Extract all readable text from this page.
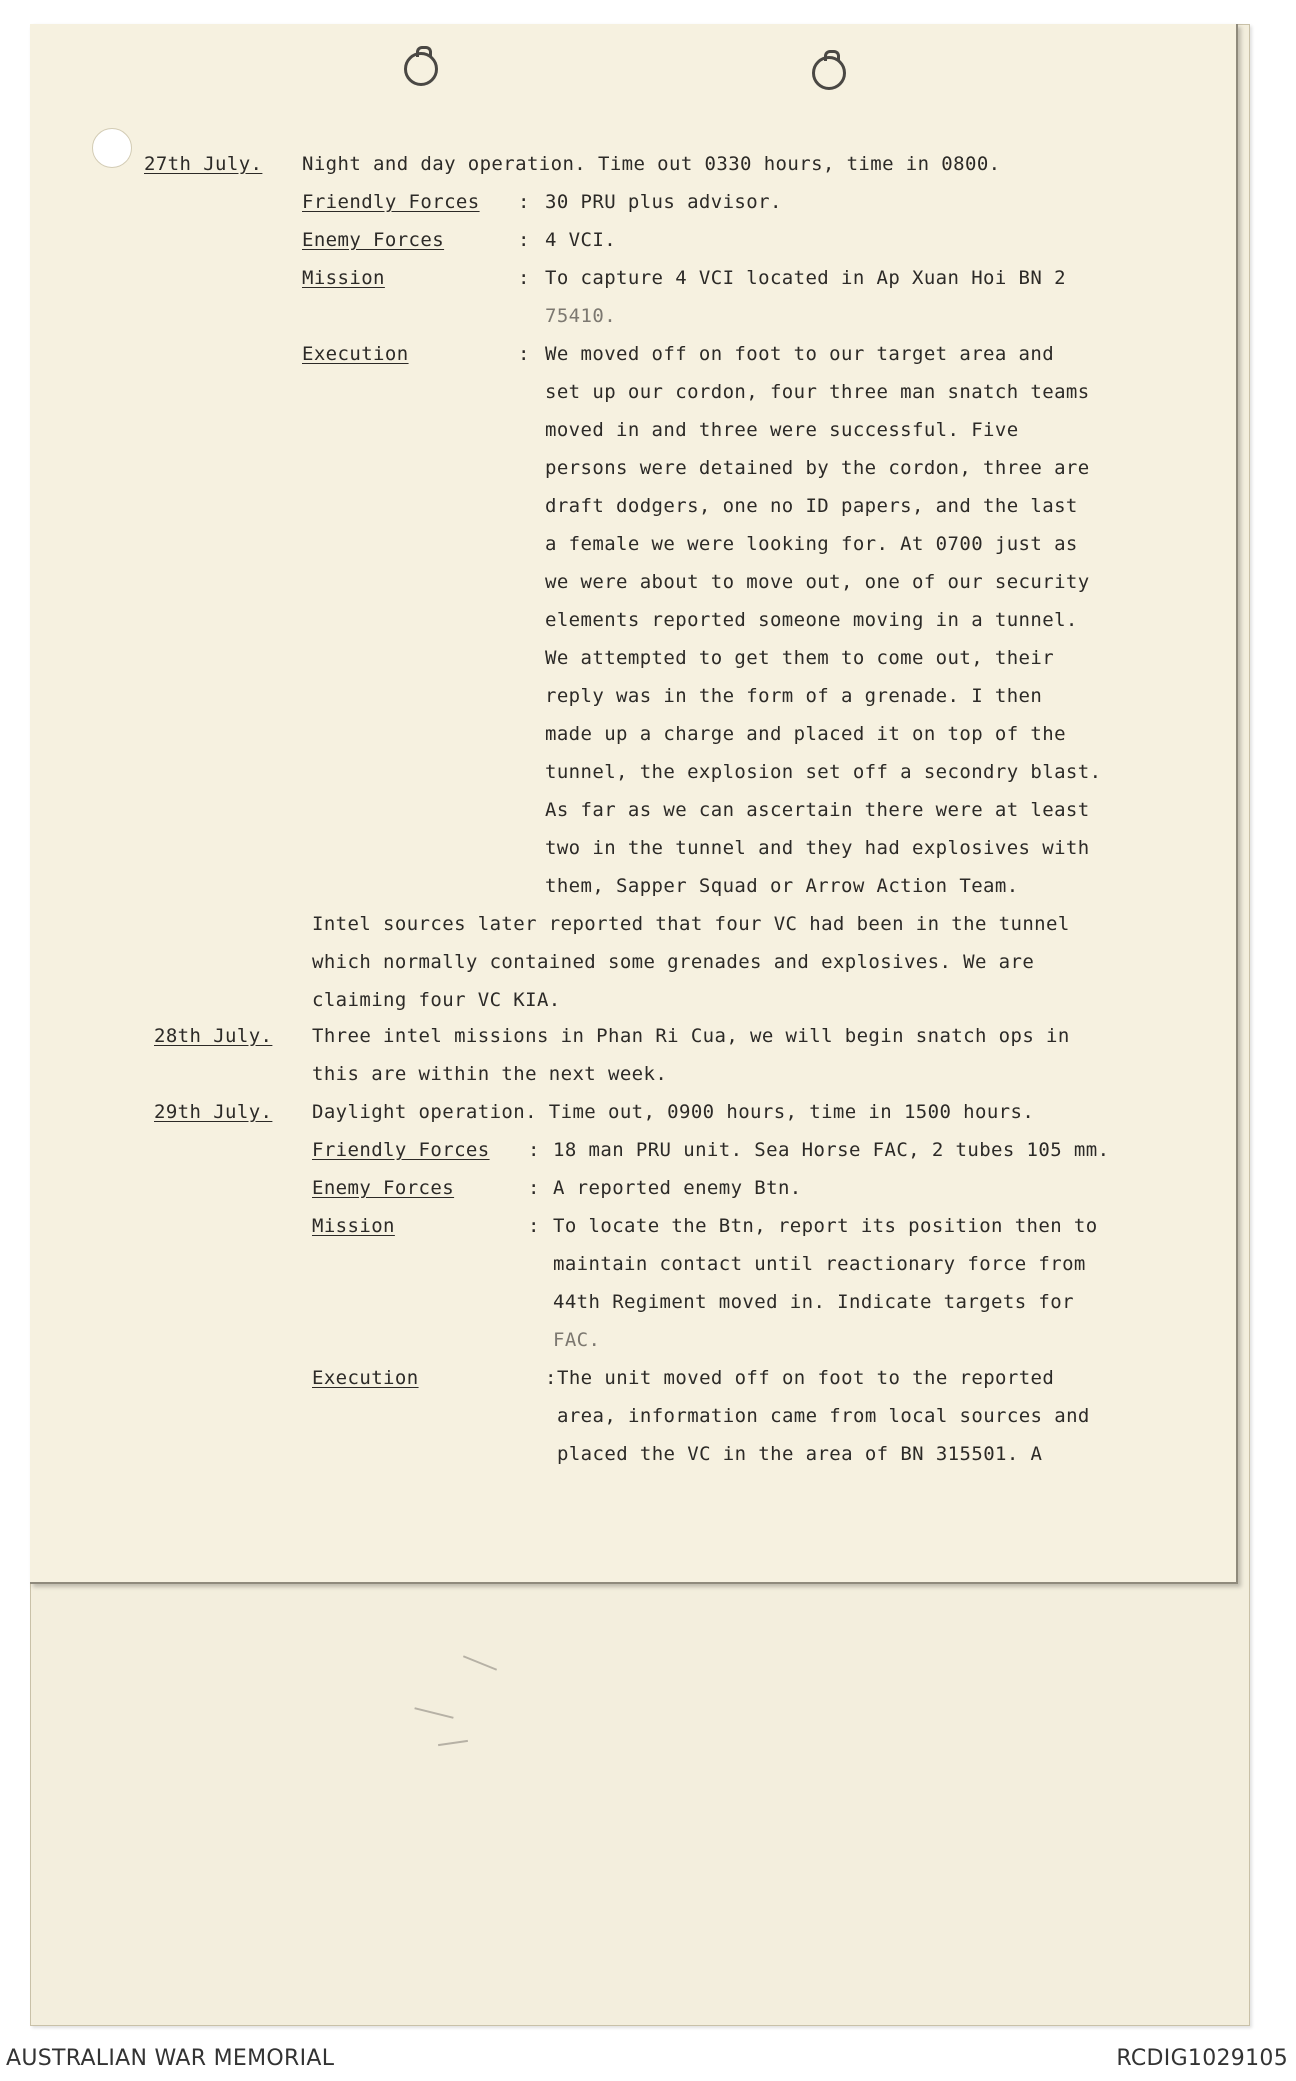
27th July. Night and day operation. Time out 0330 hours, time in 0800.
Friendly Forces : 30 PRU plus advisor.
Enemy Forces	: 4 VCI.
Mission	: To capture 4 VCI located in Ap Xuan Hoi BN 2
75410.
Execution	: We moved off on foot to our target area and
set up our cordon, four three man snatch teams
moved in and three were successful. Five
persons were detained by the cordon, three are
draft dodgers, one no ID papers, and the last
a female we were looking for. At 0700 just as
we were about to move out, one of our security
elements reported someone moving in a tunnel.
We attempted to get them to come out, their
reply was in the form of a grenade. I then
made up a charge and placed it on top of the
tunnel, the explosion set off a secondry blast.
As far as we can ascertain there were at least
two in the tunnel and they had explosives with
them, Sapper Squad or Arrow Action Team.
Intel sources later reported that four VC had been in the tunnel
which normally contained some grenades and explosives. We are
claiming four VC KIA.
28th July. Three intel missions in Phan Ri Cua, we will begin snatch ops in
this are within the next week.
29th July. Daylight operation. Time out, 0900 hours, time in 1500 hours.
Friendly Forces : 18 man PRU unit. Sea Horse FAC, 2 tubes 105 mm.
Enemy Forces	: A reported enemy Btn.
Mission	: To locate the Btn, report its position then to
maintain contact until reactionary force from
44th Regiment moved in. Indicate targets for
FAC.
Execution	: The unit moved off on foot to the reported
area, information came from local sources and
placed the VC in the area of BN 315501. A
AUSTRALIAN WAR MEMORIAL	RCDIG1029105
